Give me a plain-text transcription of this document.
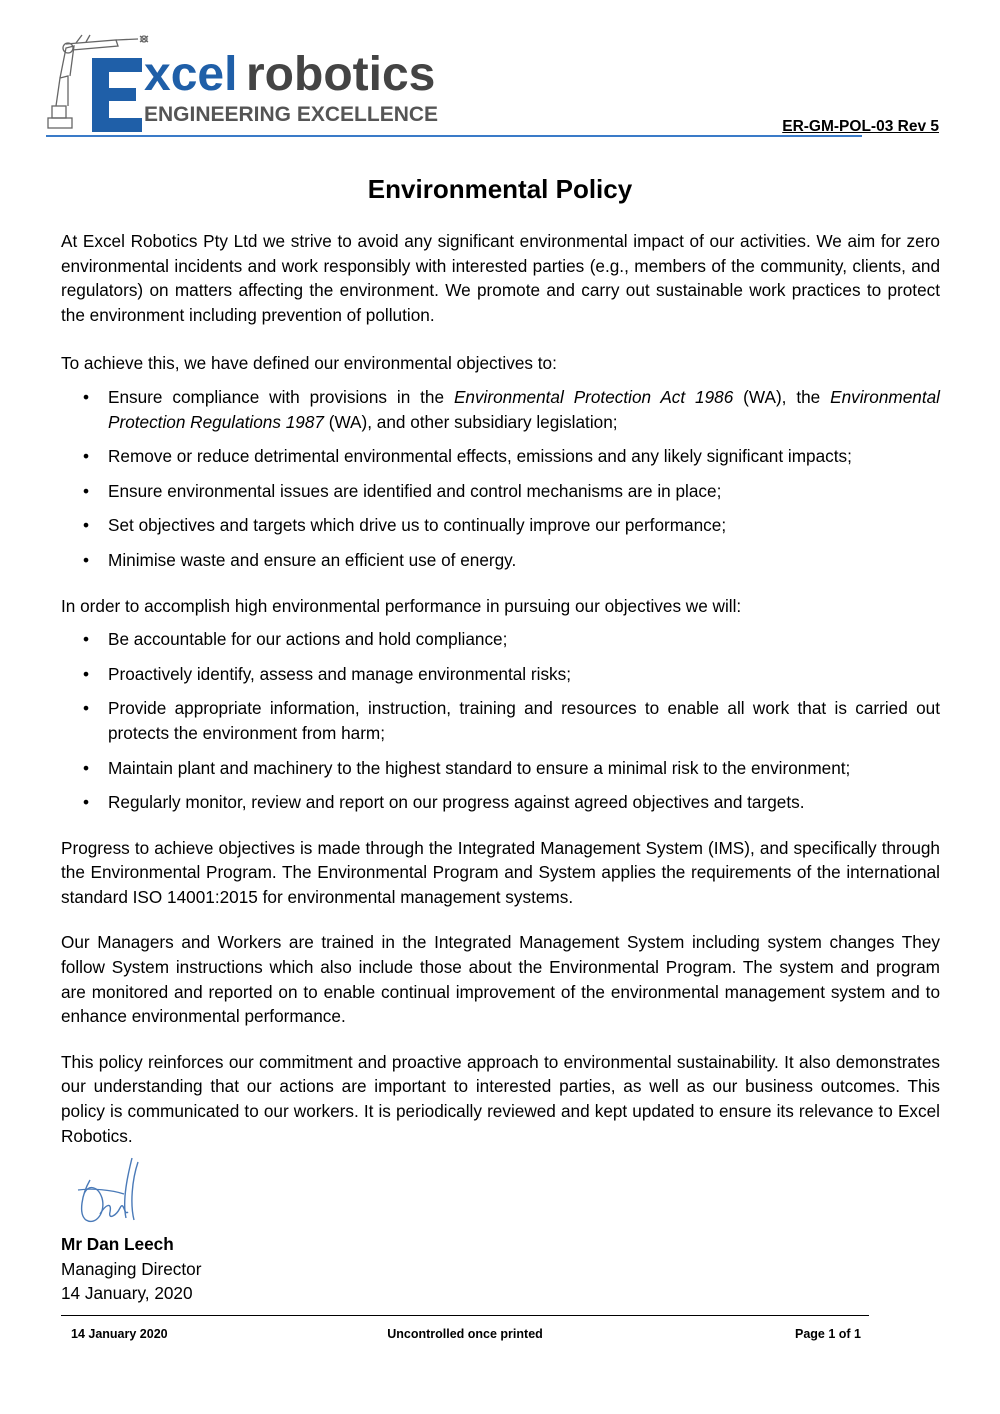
xcel robotics
ENGINEERING EXCELLENCE
ER-GM-POL-03 Rev 5
Environmental Policy

At Excel Robotics Pty Ltd we strive to avoid any significant environmental impact of our activities. We aim for zero environmental incidents and work responsibly with interested parties (e.g., members of the community, clients, and regulators) on matters affecting the environment. We promote and carry out sustainable work practices to protect the environment including prevention of pollution.

To achieve this, we have defined our environmental objectives to:

• Ensure compliance with provisions in the Environmental Protection Act 1986 (WA), the Environmental Protection Regulations 1987 (WA), and other subsidiary legislation;
• Remove or reduce detrimental environmental effects, emissions and any likely significant impacts;
• Ensure environmental issues are identified and control mechanisms are in place;
• Set objectives and targets which drive us to continually improve our performance;
• Minimise waste and ensure an efficient use of energy.

In order to accomplish high environmental performance in pursuing our objectives we will:

• Be accountable for our actions and hold compliance;
• Proactively identify, assess and manage environmental risks;
• Provide appropriate information, instruction, training and resources to enable all work that is carried out protects the environment from harm;
• Maintain plant and machinery to the highest standard to ensure a minimal risk to the environment;
• Regularly monitor, review and report on our progress against agreed objectives and targets.

Progress to achieve objectives is made through the Integrated Management System (IMS), and specifically through the Environmental Program. The Environmental Program and System applies the requirements of the international standard ISO 14001:2015 for environmental management systems.

Our Managers and Workers are trained in the Integrated Management System including system changes They follow System instructions which also include those about the Environmental Program. The system and program are monitored and reported on to enable continual improvement of the environmental management system and to enhance environmental performance.

This policy reinforces our commitment and proactive approach to environmental sustainability. It also demonstrates our understanding that our actions are important to interested parties, as well as our business outcomes. This policy is communicated to our workers. It is periodically reviewed and kept updated to ensure its relevance to Excel Robotics.

Mr Dan Leech
Managing Director
14 January, 2020
14 January 2020	Uncontrolled once printed	Page 1 of 1
